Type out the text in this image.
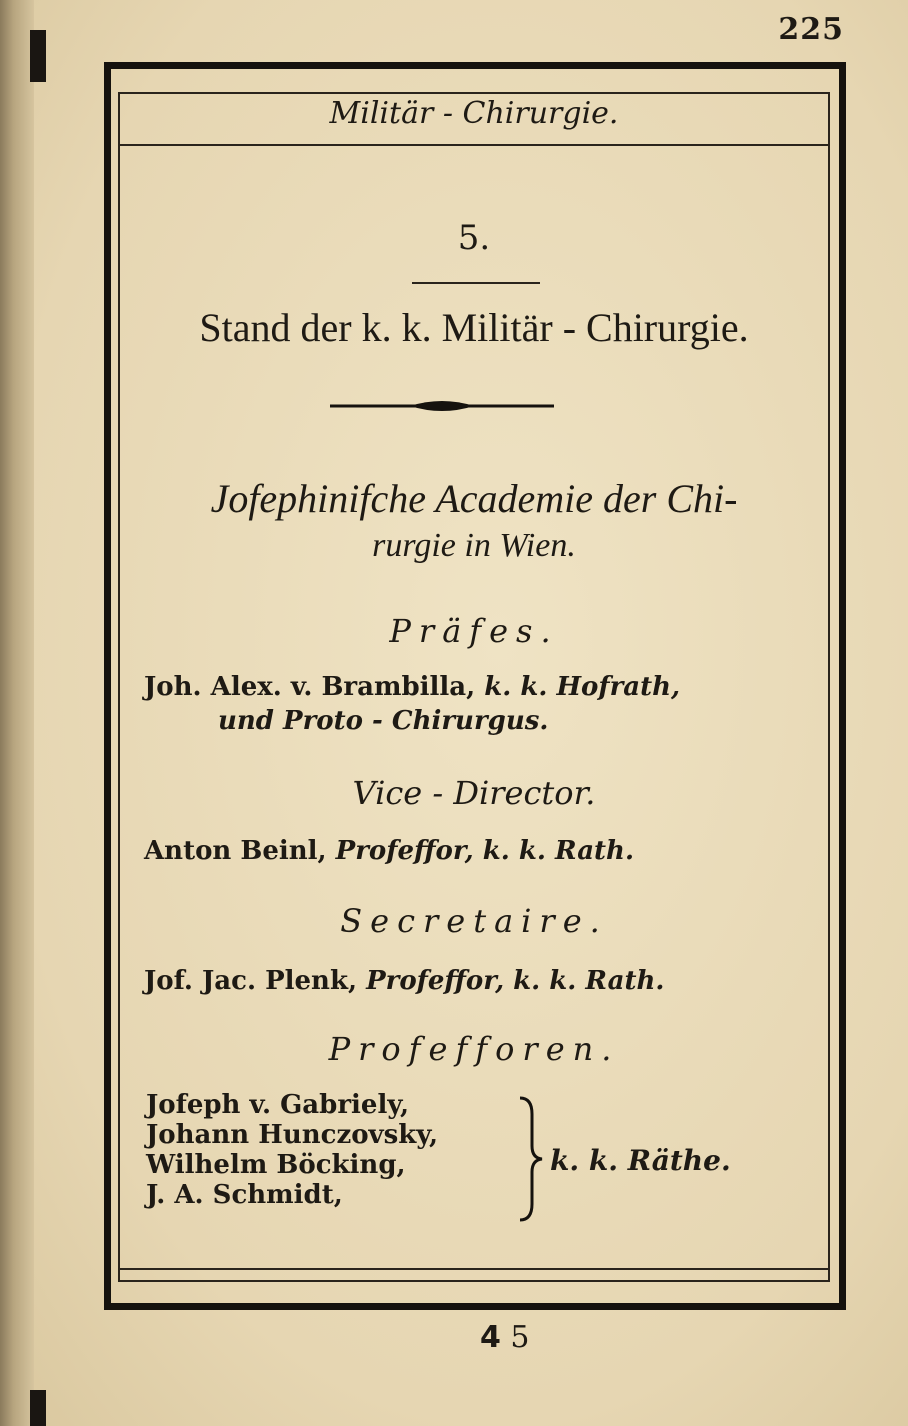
225
Militär - Chirurgie.
5.
Stand der k. k. Militär - Chirurgie.
Jofephinifche Academie der Chi-
rurgie in Wien.
Präfes.
Joh. Alex. v. Brambilla, k. k. Hofrath,
und Proto - Chirurgus.
Vice - Director.
Anton Beinl, Profeffor, k. k. Rath.
Secretaire.
Jof. Jac. Plenk, Profeffor, k. k. Rath.
Profefforen.
Jofeph v. Gabriely,
Johann Hunczovsky,
Wilhelm Böcking,
J. A. Schmidt,
k. k. Räthe.
𝟰 5
